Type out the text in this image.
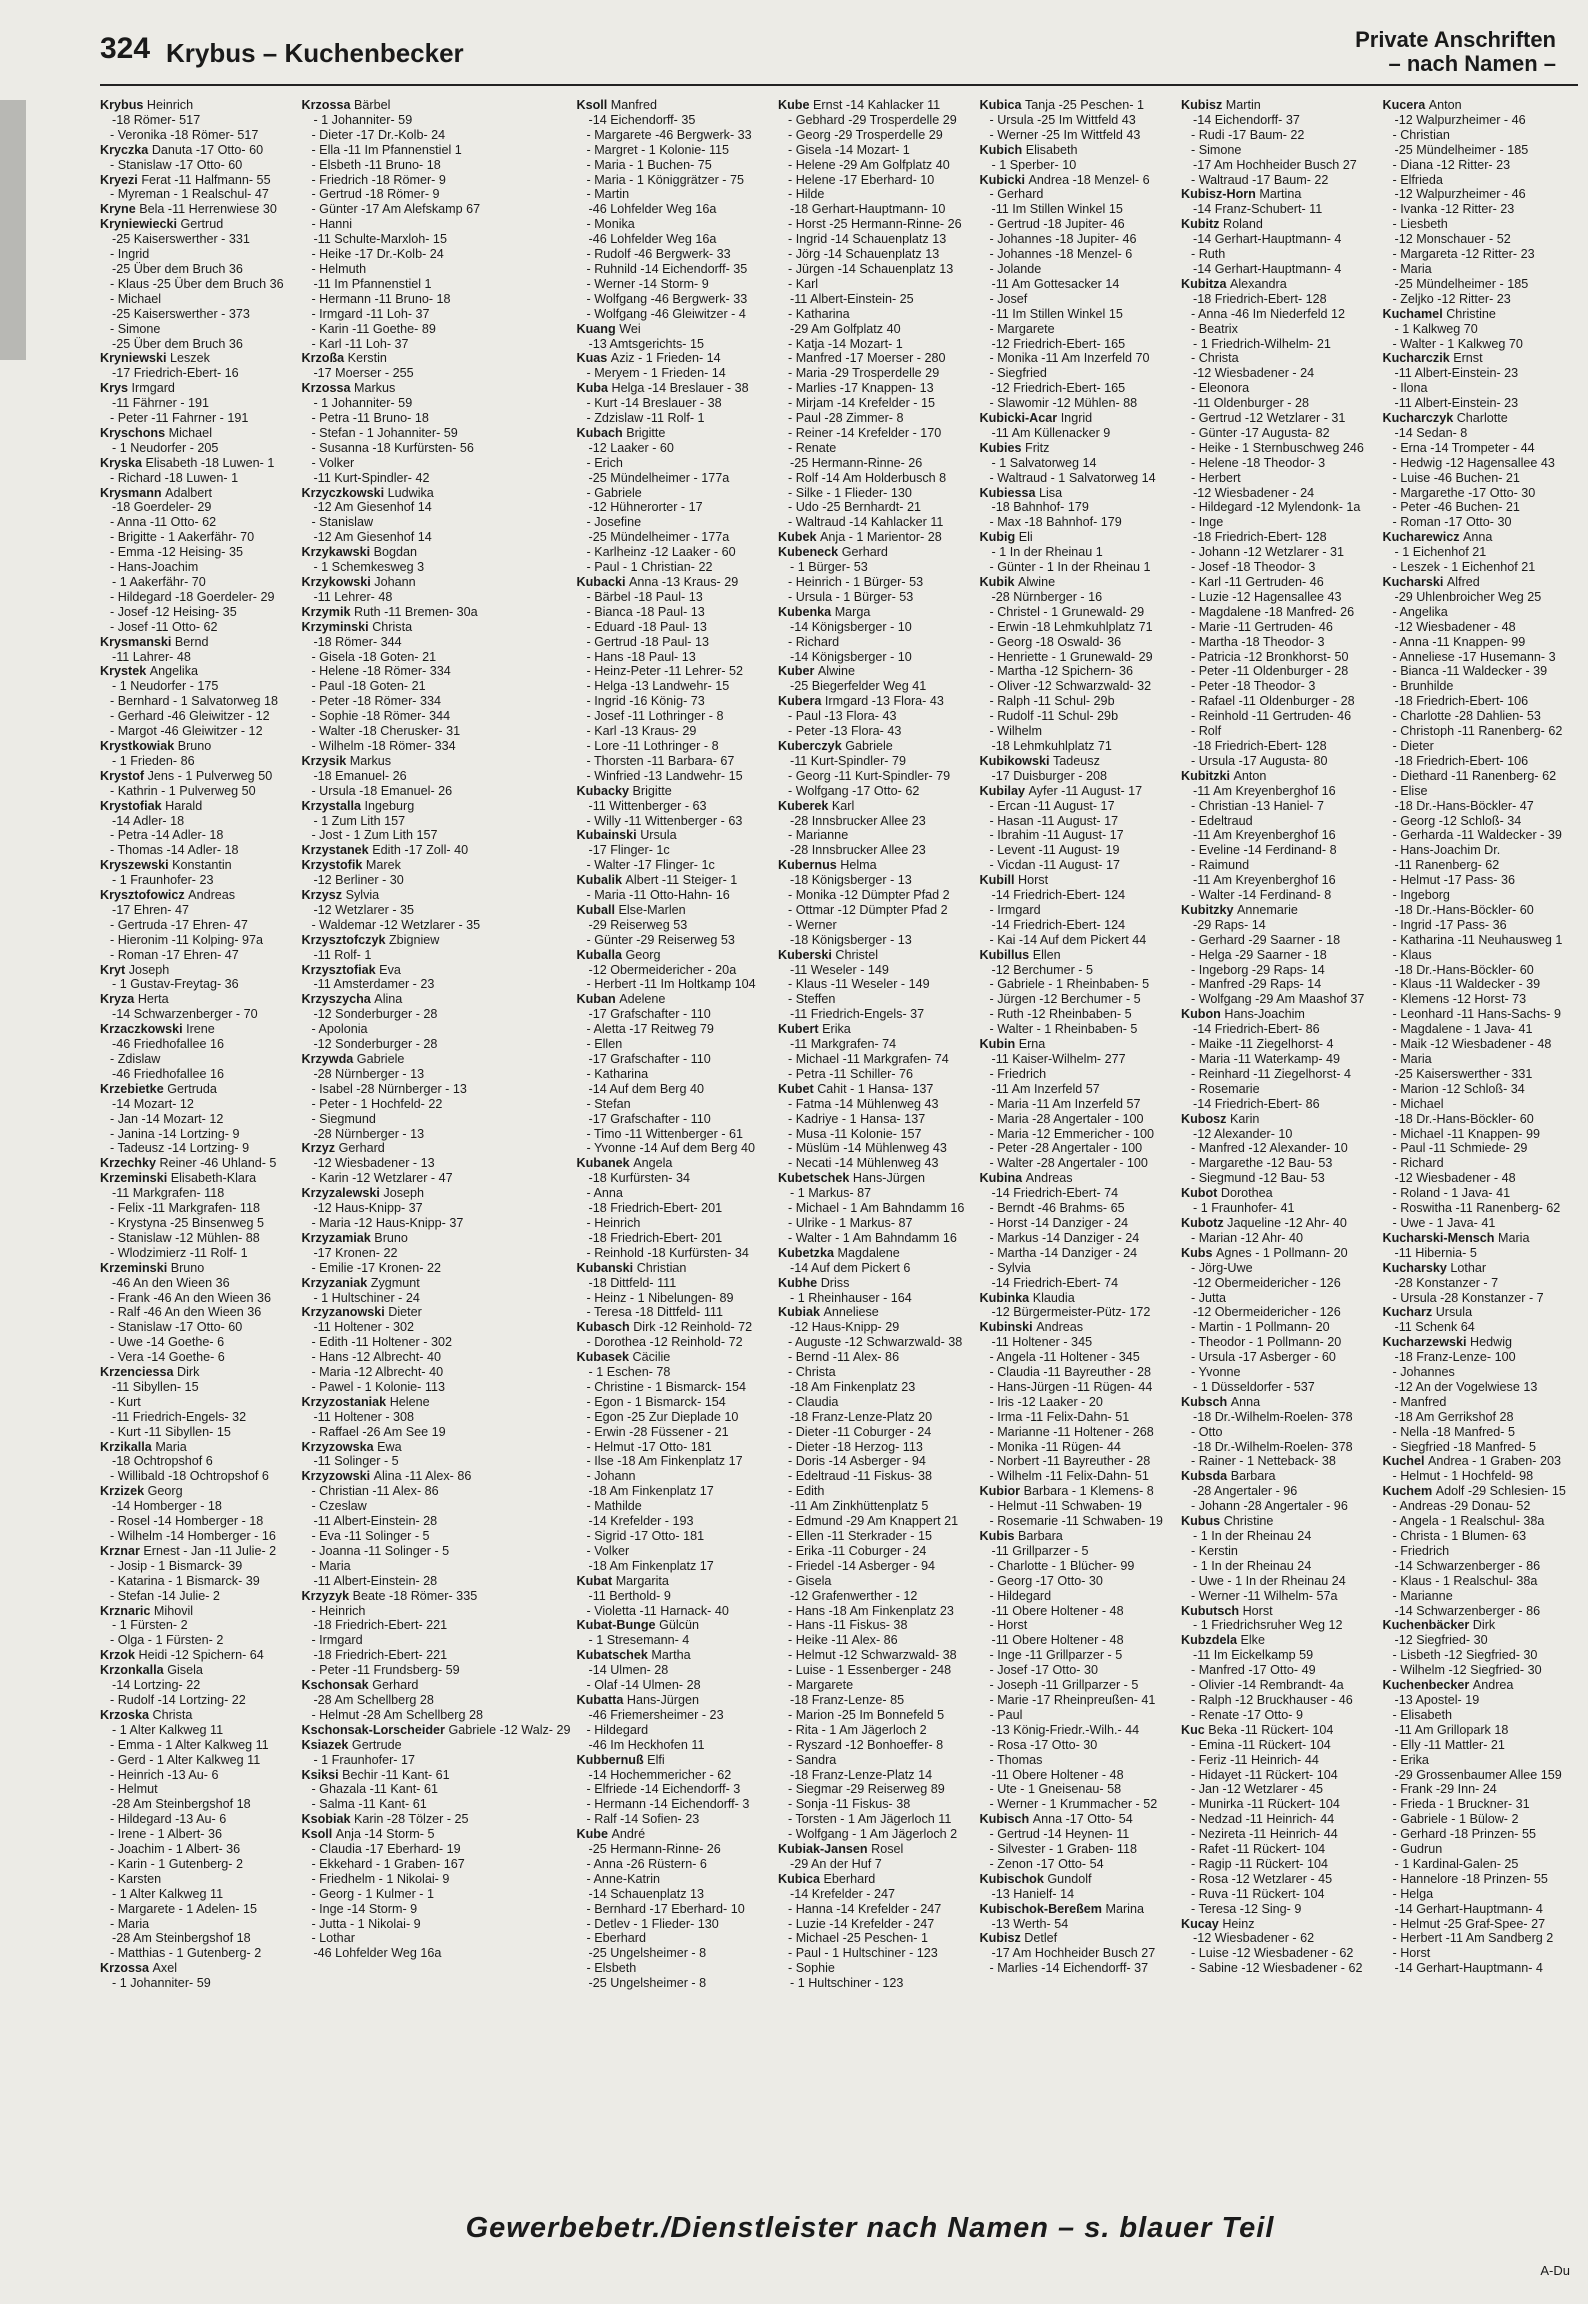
324 Krybus – Kuchenbecker	Private Anschriften
– nach Namen –
Krybus Heinrich
-18 Römer- 517
- Veronika -18 Römer- 517
Kryczka Danuta -17 Otto- 60
- Stanislaw -17 Otto- 60
Kryezi Ferat -11 Halfmann- 55
- Myreman - 1 Realschul- 47
Kryne Bela -11 Herrenwiese 30
Kryniewiecki Gertrud
-25 Kaiserswerther - 331
- Ingrid
-25 Über dem Bruch 36
- Klaus -25 Über dem Bruch 36
- Michael
-25 Kaiserswerther - 373
- Simone
-25 Über dem Bruch 36
Kryniewski Leszek
-17 Friedrich-Ebert- 16
Krys Irmgard
-11 Fährner - 191
- Peter -11 Fahrner - 191
Kryschons Michael
- 1 Neudorfer - 205
Kryska Elisabeth -18 Luwen- 1
- Richard -18 Luwen- 1
Krysmann Adalbert
-18 Goerdeler- 29
- Anna -11 Otto- 62
- Brigitte - 1 Aakerfähr- 70
- Emma -12 Heising- 35
- Hans-Joachim
- 1 Aakerfähr- 70
- Hildegard -18 Goerdeler- 29
- Josef -12 Heising- 35
- Josef -11 Otto- 62
Krysmanski Bernd
-11 Lahrer- 48
Krystek Angelika
- 1 Neudorfer - 175
- Bernhard - 1 Salvatorweg 18
- Gerhard -46 Gleiwitzer - 12
- Margot -46 Gleiwitzer - 12
Krystkowiak Bruno
- 1 Frieden- 86
Krystof Jens - 1 Pulverweg 50
- Kathrin - 1 Pulverweg 50
Krystofiak Harald
-14 Adler- 18
- Petra -14 Adler- 18
- Thomas -14 Adler- 18
Kryszewski Konstantin
- 1 Fraunhofer- 23
Krysztofowicz Andreas
-17 Ehren- 47
- Gertruda -17 Ehren- 47
- Hieronim -11 Kolping- 97a
- Roman -17 Ehren- 47
Kryt Joseph
- 1 Gustav-Freytag- 36
Kryza Herta
-14 Schwarzenberger - 70
Krzaczkowski Irene
-46 Friedhofallee 16
- Zdislaw
-46 Friedhofallee 16
Krzebietke Gertruda
-14 Mozart- 12
- Jan -14 Mozart- 12
- Janina -14 Lortzing- 9
- Tadeusz -14 Lortzing- 9
Krzechky Reiner -46 Uhland- 5
Krzeminski Elisabeth-Klara
-11 Markgrafen- 118
- Felix -11 Markgrafen- 118
- Krystyna -25 Binsenweg 5
- Stanislaw -12 Mühlen- 88
- Wlodzimierz -11 Rolf- 1
Krzeminski Bruno
-46 An den Wieen 36
- Frank -46 An den Wieen 36
- Ralf -46 An den Wieen 36
- Stanislaw -17 Otto- 60
- Uwe -14 Goethe- 6
- Vera -14 Goethe- 6
Krzenciessa Dirk
-11 Sibyllen- 15
- Kurt
-11 Friedrich-Engels- 32
- Kurt -11 Sibyllen- 15
Krzikalla Maria
-18 Ochtropshof 6
- Willibald -18 Ochtropshof 6
Krzizek Georg
-14 Homberger - 18
- Rosel -14 Homberger - 18
- Wilhelm -14 Homberger - 16
Krznar Ernest - Jan -11 Julie- 2
- Josip - 1 Bismarck- 39
- Katarina - 1 Bismarck- 39
- Stefan -14 Julie- 2
Krznaric Mihovil
- 1 Fürsten- 2
- Olga - 1 Fürsten- 2
Krzok Heidi -12 Spichern- 64
Krzonkalla Gisela
-14 Lortzing- 22
- Rudolf -14 Lortzing- 22
Krzoska Christa
- 1 Alter Kalkweg 11
- Emma - 1 Alter Kalkweg 11
- Gerd - 1 Alter Kalkweg 11
- Heinrich -13 Au- 6
- Helmut
-28 Am Steinbergshof 18
- Hildegard -13 Au- 6
- Irene - 1 Albert- 36
- Joachim - 1 Albert- 36
- Karin - 1 Gutenberg- 2
- Karsten
- 1 Alter Kalkweg 11
- Margarete - 1 Adelen- 15
- Maria
-28 Am Steinbergshof 18
- Matthias - 1 Gutenberg- 2
Krzossa Axel
- 1 Johanniter- 59
Krzossa Bärbel
- 1 Johanniter- 59
- Dieter -17 Dr.-Kolb- 24
- Ella -11 Im Pfannenstiel 1
- Elsbeth -11 Bruno- 18
- Friedrich -18 Römer- 9
- Gertrud -18 Römer- 9
- Günter -17 Am Alefskamp 67
- Hanni
-11 Schulte-Marxloh- 15
- Heike -17 Dr.-Kolb- 24
- Helmuth
-11 Im Pfannenstiel 1
- Hermann -11 Bruno- 18
- Irmgard -11 Loh- 37
- Karin -11 Goethe- 89
- Karl -11 Loh- 37
Krzoßa Kerstin
-17 Moerser - 255
Krzossa Markus
- 1 Johanniter- 59
- Petra -11 Bruno- 18
- Stefan - 1 Johanniter- 59
- Susanna -18 Kurfürsten- 56
- Volker
-11 Kurt-Spindler- 42
Krzyczkowski Ludwika
-12 Am Giesenhof 14
- Stanislaw
-12 Am Giesenhof 14
Krzykawski Bogdan
- 1 Schemkesweg 3
Krzykowski Johann
-11 Lehrer- 48
Krzymik Ruth -11 Bremen- 30a
Krzyminski Christa
-18 Römer- 344
- Gisela -18 Goten- 21
- Helene -18 Römer- 334
- Paul -18 Goten- 21
- Peter -18 Römer- 334
- Sophie -18 Römer- 344
- Walter -18 Cherusker- 31
- Wilhelm -18 Römer- 334
Krzysik Markus
-18 Emanuel- 26
- Ursula -18 Emanuel- 26
Krzystalla Ingeburg
- 1 Zum Lith 157
- Jost - 1 Zum Lith 157
Krzystanek Edith -17 Zoll- 40
Krzystofik Marek
-12 Berliner - 30
Krzysz Sylvia
-12 Wetzlarer - 35
- Waldemar -12 Wetzlarer - 35
Krzysztofczyk Zbigniew
-11 Rolf- 1
Krzysztofiak Eva
-11 Amsterdamer - 23
Krzyszycha Alina
-12 Sonderburger - 28
- Apolonia
-12 Sonderburger - 28
Krzywda Gabriele
-28 Nürnberger - 13
- Isabel -28 Nürnberger - 13
- Peter - 1 Hochfeld- 22
- Siegmund
-28 Nürnberger - 13
Krzyz Gerhard
-12 Wiesbadener - 13
- Karin -12 Wetzlarer - 47
Krzyzalewski Joseph
-12 Haus-Knipp- 37
- Maria -12 Haus-Knipp- 37
Krzyzamiak Bruno
-17 Kronen- 22
- Emilie -17 Kronen- 22
Krzyzaniak Zygmunt
- 1 Hultschiner - 24
Krzyzanowski Dieter
-11 Holtener - 302
- Edith -11 Holtener - 302
- Hans -12 Albrecht- 40
- Maria -12 Albrecht- 40
- Pawel - 1 Kolonie- 113
Krzyzostaniak Helene
-11 Holtener - 308
- Raffael -26 Am See 19
Krzyzowska Ewa
-11 Solinger - 5
Krzyzowski Alina -11 Alex- 86
- Christian -11 Alex- 86
- Czeslaw
-11 Albert-Einstein- 28
- Eva -11 Solinger - 5
- Joanna -11 Solinger - 5
- Maria
-11 Albert-Einstein- 28
Krzyzyk Beate -18 Römer- 335
- Heinrich
-18 Friedrich-Ebert- 221
- Irmgard
-18 Friedrich-Ebert- 221
- Peter -11 Frundsberg- 59
Kschonsak Gerhard
-28 Am Schellberg 28
- Helmut -28 Am Schellberg 28
Kschonsak-Lorscheider Gabriele -12 Walz- 29
Ksiazek Gertrude
- 1 Fraunhofer- 17
Ksiksi Bechir -11 Kant- 61
- Ghazala -11 Kant- 61
- Salma -11 Kant- 61
Ksobiak Karin -28 Tölzer - 25
Ksoll Anja -14 Storm- 5
- Claudia -17 Eberhard- 19
- Ekkehard - 1 Graben- 167
- Friedhelm - 1 Nikolai- 9
- Georg - 1 Kulmer - 1
- Inge -14 Storm- 9
- Jutta - 1 Nikolai- 9
- Lothar
-46 Lohfelder Weg 16a
Ksoll Manfred
-14 Eichendorff- 35
- Margarete -46 Bergwerk- 33
- Margret - 1 Kolonie- 115
- Maria - 1 Buchen- 75
- Maria - 1 Königgrätzer - 75
- Martin
-46 Lohfelder Weg 16a
- Monika
-46 Lohfelder Weg 16a
- Rudolf -46 Bergwerk- 33
- Ruhnild -14 Eichendorff- 35
- Werner -14 Storm- 9
- Wolfgang -46 Bergwerk- 33
- Wolfgang -46 Gleiwitzer - 4
Kuang Wei
-13 Amtsgerichts- 15
Kuas Aziz - 1 Frieden- 14
- Meryem - 1 Frieden- 14
Kuba Helga -14 Breslauer - 38
- Kurt -14 Breslauer - 38
- Zdzislaw -11 Rolf- 1
Kubach Brigitte
-12 Laaker - 60
- Erich
-25 Mündelheimer - 177a
- Gabriele
-12 Hühnerorter - 17
- Josefine
-25 Mündelheimer - 177a
- Karlheinz -12 Laaker - 60
- Paul - 1 Christian- 22
Kubacki Anna -13 Kraus- 29
- Bärbel -18 Paul- 13
- Bianca -18 Paul- 13
- Eduard -18 Paul- 13
- Gertrud -18 Paul- 13
- Hans -18 Paul- 13
- Heinz-Peter -11 Lehrer- 52
- Helga -13 Landwehr- 15
- Ingrid -16 König- 73
- Josef -11 Lothringer - 8
- Karl -13 Kraus- 29
- Lore -11 Lothringer - 8
- Thorsten -11 Barbara- 67
- Winfried -13 Landwehr- 15
Kubacky Brigitte
-11 Wittenberger - 63
- Willy -11 Wittenberger - 63
Kubainski Ursula
-17 Flinger- 1c
- Walter -17 Flinger- 1c
Kubalik Albert -11 Steiger- 1
- Maria -11 Otto-Hahn- 16
Kuball Else-Marlen
-29 Reiserweg 53
- Günter -29 Reiserweg 53
Kuballa Georg
-12 Obermeidericher - 20a
- Herbert -11 Im Holtkamp 104
Kuban Adelene
-17 Grafschafter - 110
- Aletta -17 Reitweg 79
- Ellen
-17 Grafschafter - 110
- Katharina
-14 Auf dem Berg 40
- Stefan
-17 Grafschafter - 110
- Timo -11 Wittenberger - 61
- Yvonne -14 Auf dem Berg 40
Kubanek Angela
-18 Kurfürsten- 34
- Anna
-18 Friedrich-Ebert- 201
- Heinrich
-18 Friedrich-Ebert- 201
- Reinhold -18 Kurfürsten- 34
Kubanski Christian
-18 Dittfeld- 111
- Heinz - 1 Nibelungen- 89
- Teresa -18 Dittfeld- 111
Kubasch Dirk -12 Reinhold- 72
- Dorothea -12 Reinhold- 72
Kubasek Cäcilie
- 1 Eschen- 78
- Christine - 1 Bismarck- 154
- Egon - 1 Bismarck- 154
- Egon -25 Zur Dieplade 10
- Erwin -28 Füssener - 21
- Helmut -17 Otto- 181
- Ilse -18 Am Finkenplatz 17
- Johann
-18 Am Finkenplatz 17
- Mathilde
-14 Krefelder - 193
- Sigrid -17 Otto- 181
- Volker
-18 Am Finkenplatz 17
Kubat Margarita
-11 Berthold- 9
- Violetta -11 Harnack- 40
Kubat-Bunge Gülcün
- 1 Stresemann- 4
Kubatschek Martha
-14 Ulmen- 28
- Olaf -14 Ulmen- 28
Kubatta Hans-Jürgen
-46 Friemersheimer - 23
- Hildegard
-46 Im Heckhofen 11
Kubbernuß Elfi
-14 Hochemmericher - 62
- Elfriede -14 Eichendorff- 3
- Hermann -14 Eichendorff- 3
- Ralf -14 Sofien- 23
Kube André
-25 Hermann-Rinne- 26
- Anna -26 Rüstern- 6
- Anne-Katrin
-14 Schauenplatz 13
- Bernhard -17 Eberhard- 10
- Detlev - 1 Flieder- 130
- Eberhard
-25 Ungelsheimer - 8
- Elsbeth
-25 Ungelsheimer - 8
Kube Ernst -14 Kahlacker 11
- Gebhard -29 Trosperdelle 29
- Georg -29 Trosperdelle 29
- Gisela -14 Mozart- 1
- Helene -29 Am Golfplatz 40
- Helene -17 Eberhard- 10
- Hilde
-18 Gerhart-Hauptmann- 10
- Horst -25 Hermann-Rinne- 26
- Ingrid -14 Schauenplatz 13
- Jörg -14 Schauenplatz 13
- Jürgen -14 Schauenplatz 13
- Karl
-11 Albert-Einstein- 25
- Katharina
-29 Am Golfplatz 40
- Katja -14 Mozart- 1
- Manfred -17 Moerser - 280
- Maria -29 Trosperdelle 29
- Marlies -17 Knappen- 13
- Mirjam -14 Krefelder - 15
- Paul -28 Zimmer- 8
- Reiner -14 Krefelder - 170
- Renate
-25 Hermann-Rinne- 26
- Rolf -14 Am Holderbusch 8
- Silke - 1 Flieder- 130
- Udo -25 Bernhardt- 21
- Waltraud -14 Kahlacker 11
Kubek Anja - 1 Marientor- 28
Kubeneck Gerhard
- 1 Bürger- 53
- Heinrich - 1 Bürger- 53
- Ursula - 1 Bürger- 53
Kubenka Marga
-14 Königsberger - 10
- Richard
-14 Königsberger - 10
Kuber Alwine
-25 Biegerfelder Weg 41
Kubera Irmgard -13 Flora- 43
- Paul -13 Flora- 43
- Peter -13 Flora- 43
Kuberczyk Gabriele
-11 Kurt-Spindler- 79
- Georg -11 Kurt-Spindler- 79
- Wolfgang -17 Otto- 62
Kuberek Karl
-28 Innsbrucker Allee 23
- Marianne
-28 Innsbrucker Allee 23
Kubernus Helma
-18 Königsberger - 13
- Monika -12 Dümpter Pfad 2
- Ottmar -12 Dümpter Pfad 2
- Werner
-18 Königsberger - 13
Kuberski Christel
-11 Weseler - 149
- Klaus -11 Weseler - 149
- Steffen
-11 Friedrich-Engels- 37
Kubert Erika
-11 Markgrafen- 74
- Michael -11 Markgrafen- 74
- Petra -11 Schiller- 76
Kubet Cahit - 1 Hansa- 137
- Fatma -14 Mühlenweg 43
- Kadriye - 1 Hansa- 137
- Musa -11 Kolonie- 157
- Müslüm -14 Mühlenweg 43
- Necati -14 Mühlenweg 43
Kubetschek Hans-Jürgen
- 1 Markus- 87
- Michael - 1 Am Bahndamm 16
- Ulrike - 1 Markus- 87
- Walter - 1 Am Bahndamm 16
Kubetzka Magdalene
-14 Auf dem Pickert 6
Kubhe Driss
- 1 Rheinhauser - 164
Kubiak Anneliese
-12 Haus-Knipp- 29
- Auguste -12 Schwarzwald- 38
- Bernd -11 Alex- 86
- Christa
-18 Am Finkenplatz 23
- Claudia
-18 Franz-Lenze-Platz 20
- Dieter -11 Coburger - 24
- Dieter -18 Herzog- 113
- Doris -14 Asberger - 94
- Edeltraud -11 Fiskus- 38
- Edith
-11 Am Zinkhüttenplatz 5
- Edmund -29 Am Knappert 21
- Ellen -11 Sterkrader - 15
- Erika -11 Coburger - 24
- Friedel -14 Asberger - 94
- Gisela
-12 Grafenwerther - 12
- Hans -18 Am Finkenplatz 23
- Hans -11 Fiskus- 38
- Heike -11 Alex- 86
- Helmut -12 Schwarzwald- 38
- Luise - 1 Essenberger - 248
- Margarete
-18 Franz-Lenze- 85
- Marion -25 Im Bonnefeld 5
- Rita - 1 Am Jägerloch 2
- Ryszard -12 Bonhoeffer- 8
- Sandra
-18 Franz-Lenze-Platz 14
- Siegmar -29 Reiserweg 89
- Sonja -11 Fiskus- 38
- Torsten - 1 Am Jägerloch 11
- Wolfgang - 1 Am Jägerloch 2
Kubiak-Jansen Rosel
-29 An der Huf 7
Kubica Eberhard
-14 Krefelder - 247
- Hanna -14 Krefelder - 247
- Luzie -14 Krefelder - 247
- Michael -25 Peschen- 1
- Paul - 1 Hultschiner - 123
- Sophie
- 1 Hultschiner - 123
Kubica Tanja -25 Peschen- 1
- Ursula -25 Im Wittfeld 43
- Werner -25 Im Wittfeld 43
Kubich Elisabeth
- 1 Sperber- 10
Kubicki Andrea -18 Menzel- 6
- Gerhard
-11 Im Stillen Winkel 15
- Gertrud -18 Jupiter- 46
- Johannes -18 Jupiter- 46
- Johannes -18 Menzel- 6
- Jolande
-11 Am Gottesacker 14
- Josef
-11 Im Stillen Winkel 15
- Margarete
-12 Friedrich-Ebert- 165
- Monika -11 Am Inzerfeld 70
- Siegfried
-12 Friedrich-Ebert- 165
- Slawomir -12 Mühlen- 88
Kubicki-Acar Ingrid
-11 Am Küllenacker 9
Kubies Fritz
- 1 Salvatorweg 14
- Waltraud - 1 Salvatorweg 14
Kubiessa Lisa
-18 Bahnhof- 179
- Max -18 Bahnhof- 179
Kubig Eli
- 1 In der Rheinau 1
- Günter - 1 In der Rheinau 1
Kubik Alwine
-28 Nürnberger - 16
- Christel - 1 Grunewald- 29
- Erwin -18 Lehmkuhlplatz 71
- Georg -18 Oswald- 36
- Henriette - 1 Grunewald- 29
- Martha -12 Spichern- 36
- Oliver -12 Schwarzwald- 32
- Ralph -11 Schul- 29b
- Rudolf -11 Schul- 29b
- Wilhelm
-18 Lehmkuhlplatz 71
Kubikowski Tadeusz
-17 Duisburger - 208
Kubilay Ayfer -11 August- 17
- Ercan -11 August- 17
- Hasan -11 August- 17
- Ibrahim -11 August- 17
- Levent -11 August- 19
- Vicdan -11 August- 17
Kubill Horst
-14 Friedrich-Ebert- 124
- Irmgard
-14 Friedrich-Ebert- 124
- Kai -14 Auf dem Pickert 44
Kubillus Ellen
-12 Berchumer - 5
- Gabriele - 1 Rheinbaben- 5
- Jürgen -12 Berchumer - 5
- Ruth -12 Rheinbaben- 5
- Walter - 1 Rheinbaben- 5
Kubin Erna
-11 Kaiser-Wilhelm- 277
- Friedrich
-11 Am Inzerfeld 57
- Maria -11 Am Inzerfeld 57
- Maria -28 Angertaler - 100
- Maria -12 Emmericher - 100
- Peter -28 Angertaler - 100
- Walter -28 Angertaler - 100
Kubina Andreas
-14 Friedrich-Ebert- 74
- Berndt -46 Brahms- 65
- Horst -14 Danziger - 24
- Markus -14 Danziger - 24
- Martha -14 Danziger - 24
- Sylvia
-14 Friedrich-Ebert- 74
Kubinka Klaudia
-12 Bürgermeister-Pütz- 172
Kubinski Andreas
-11 Holtener - 345
- Angela -11 Holtener - 345
- Claudia -11 Bayreuther - 28
- Hans-Jürgen -11 Rügen- 44
- Iris -12 Laaker - 20
- Irma -11 Felix-Dahn- 51
- Marianne -11 Holtener - 268
- Monika -11 Rügen- 44
- Norbert -11 Bayreuther - 28
- Wilhelm -11 Felix-Dahn- 51
Kubior Barbara - 1 Klemens- 8
- Helmut -11 Schwaben- 19
- Rosemarie -11 Schwaben- 19
Kubis Barbara
-11 Grillparzer - 5
- Charlotte - 1 Blücher- 99
- Georg -17 Otto- 30
- Hildegard
-11 Obere Holtener - 48
- Horst
-11 Obere Holtener - 48
- Inge -11 Grillparzer - 5
- Josef -17 Otto- 30
- Joseph -11 Grillparzer - 5
- Marie -17 Rheinpreußen- 41
- Paul
-13 König-Friedr.-Wilh.- 44
- Rosa -17 Otto- 30
- Thomas
-11 Obere Holtener - 48
- Ute - 1 Gneisenau- 58
- Werner - 1 Krummacher - 52
Kubisch Anna -17 Otto- 54
- Gertrud -14 Heynen- 11
- Silvester - 1 Graben- 118
- Zenon -17 Otto- 54
Kubischok Gundolf
-13 Hanielf- 14
Kubischok-Bereßem Marina
-13 Werth- 54
Kubisz Detlef
-17 Am Hochheider Busch 27
- Marlies -14 Eichendorff- 37
Kubisz Martin
-14 Eichendorff- 37
- Rudi -17 Baum- 22
- Simone
-17 Am Hochheider Busch 27
- Waltraud -17 Baum- 22
Kubisz-Horn Martina
-14 Franz-Schubert- 11
Kubitz Roland
-14 Gerhart-Hauptmann- 4
- Ruth
-14 Gerhart-Hauptmann- 4
Kubitza Alexandra
-18 Friedrich-Ebert- 128
- Anna -46 Im Niederfeld 12
- Beatrix
- 1 Friedrich-Wilhelm- 21
- Christa
-12 Wiesbadener - 24
- Eleonora
-11 Oldenburger - 28
- Gertrud -12 Wetzlarer - 31
- Günter -17 Augusta- 82
- Heike - 1 Sternbuschweg 246
- Helene -18 Theodor- 3
- Herbert
-12 Wiesbadener - 24
- Hildegard -12 Mylendonk- 1a
- Inge
-18 Friedrich-Ebert- 128
- Johann -12 Wetzlarer - 31
- Josef -18 Theodor- 3
- Karl -11 Gertruden- 46
- Luzie -12 Hagensallee 43
- Magdalene -18 Manfred- 26
- Marie -11 Gertruden- 46
- Martha -18 Theodor- 3
- Patricia -12 Bronkhorst- 50
- Peter -11 Oldenburger - 28
- Peter -18 Theodor- 3
- Rafael -11 Oldenburger - 28
- Reinhold -11 Gertruden- 46
- Rolf
-18 Friedrich-Ebert- 128
- Ursula -17 Augusta- 80
Kubitzki Anton
-11 Am Kreyenberghof 16
- Christian -13 Haniel- 7
- Edeltraud
-11 Am Kreyenberghof 16
- Eveline -14 Ferdinand- 8
- Raimund
-11 Am Kreyenberghof 16
- Walter -14 Ferdinand- 8
Kubitzky Annemarie
-29 Raps- 14
- Gerhard -29 Saarner - 18
- Helga -29 Saarner - 18
- Ingeborg -29 Raps- 14
- Manfred -29 Raps- 14
- Wolfgang -29 Am Maashof 37
Kubon Hans-Joachim
-14 Friedrich-Ebert- 86
- Maike -11 Ziegelhorst- 4
- Maria -11 Waterkamp- 49
- Reinhard -11 Ziegelhorst- 4
- Rosemarie
-14 Friedrich-Ebert- 86
Kubosz Karin
-12 Alexander- 10
- Manfred -12 Alexander- 10
- Margarethe -12 Bau- 53
- Siegmund -12 Bau- 53
Kubot Dorothea
- 1 Fraunhofer- 41
Kubotz Jaqueline -12 Ahr- 40
- Marian -12 Ahr- 40
Kubs Agnes - 1 Pollmann- 20
- Jörg-Uwe
-12 Obermeidericher - 126
- Jutta
-12 Obermeidericher - 126
- Martin - 1 Pollmann- 20
- Theodor - 1 Pollmann- 20
- Ursula -17 Asberger - 60
- Yvonne
- 1 Düsseldorfer - 537
Kubsch Anna
-18 Dr.-Wilhelm-Roelen- 378
- Otto
-18 Dr.-Wilhelm-Roelen- 378
- Rainer - 1 Netteback- 38
Kubsda Barbara
-28 Angertaler - 96
- Johann -28 Angertaler - 96
Kubus Christine
- 1 In der Rheinau 24
- Kerstin
- 1 In der Rheinau 24
- Uwe - 1 In der Rheinau 24
- Werner -11 Wilhelm- 57a
Kubutsch Horst
- 1 Friedrichsruher Weg 12
Kubzdela Elke
-11 Im Eickelkamp 59
- Manfred -17 Otto- 49
- Olivier -14 Rembrandt- 4a
- Ralph -12 Bruckhauser - 46
- Renate -17 Otto- 9
Kuc Beka -11 Rückert- 104
- Emina -11 Rückert- 104
- Feriz -11 Heinrich- 44
- Hidayet -11 Rückert- 104
- Jan -12 Wetzlarer - 45
- Munirka -11 Rückert- 104
- Nedzad -11 Heinrich- 44
- Nezireta -11 Heinrich- 44
- Rafet -11 Rückert- 104
- Ragip -11 Rückert- 104
- Rosa -12 Wetzlarer - 45
- Ruva -11 Rückert- 104
- Teresa -12 Sing- 9
Kucay Heinz
-12 Wiesbadener - 62
- Luise -12 Wiesbadener - 62
- Sabine -12 Wiesbadener - 62
Kucera Anton
-12 Walpurzheimer - 46
- Christian
-25 Mündelheimer - 185
- Diana -12 Ritter- 23
- Elfrieda
-12 Walpurzheimer - 46
- Ivanka -12 Ritter- 23
- Liesbeth
-12 Monschauer - 52
- Margareta -12 Ritter- 23
- Maria
-25 Mündelheimer - 185
- Zeljko -12 Ritter- 23
Kuchamel Christine
- 1 Kalkweg 70
- Walter - 1 Kalkweg 70
Kucharczik Ernst
-11 Albert-Einstein- 23
- Ilona
-11 Albert-Einstein- 23
Kucharczyk Charlotte
-14 Sedan- 8
- Erna -14 Trompeter - 44
- Hedwig -12 Hagensallee 43
- Luise -46 Buchen- 21
- Margarethe -17 Otto- 30
- Peter -46 Buchen- 21
- Roman -17 Otto- 30
Kucharewicz Anna
- 1 Eichenhof 21
- Leszek - 1 Eichenhof 21
Kucharski Alfred
-29 Uhlenbroicher Weg 25
- Angelika
-12 Wiesbadener - 48
- Anna -11 Knappen- 99
- Anneliese -17 Husemann- 3
- Bianca -11 Waldecker - 39
- Brunhilde
-18 Friedrich-Ebert- 106
- Charlotte -28 Dahlien- 53
- Christoph -11 Ranenberg- 62
- Dieter
-18 Friedrich-Ebert- 106
- Diethard -11 Ranenberg- 62
- Elise
-18 Dr.-Hans-Böckler- 47
- Georg -12 Schloß- 34
- Gerharda -11 Waldecker - 39
- Hans-Joachim Dr.
-11 Ranenberg- 62
- Helmut -17 Pass- 36
- Ingeborg
-18 Dr.-Hans-Böckler- 60
- Ingrid -17 Pass- 36
- Katharina -11 Neuhausweg 1
- Klaus
-18 Dr.-Hans-Böckler- 60
- Klaus -11 Waldecker - 39
- Klemens -12 Horst- 73
- Leonhard -11 Hans-Sachs- 9
- Magdalene - 1 Java- 41
- Maik -12 Wiesbadener - 48
- Maria
-25 Kaiserswerther - 331
- Marion -12 Schloß- 34
- Michael
-18 Dr.-Hans-Böckler- 60
- Michael -11 Knappen- 99
- Paul -11 Schmiede- 29
- Richard
-12 Wiesbadener - 48
- Roland - 1 Java- 41
- Roswitha -11 Ranenberg- 62
- Uwe - 1 Java- 41
Kucharski-Mensch Maria
-11 Hibernia- 5
Kucharsky Lothar
-28 Konstanzer - 7
- Ursula -28 Konstanzer - 7
Kucharz Ursula
-11 Schenk 64
Kucharzewski Hedwig
-18 Franz-Lenze- 100
- Johannes
-12 An der Vogelwiese 13
- Manfred
-18 Am Gerrikshof 28
- Nella -18 Manfred- 5
- Siegfried -18 Manfred- 5
Kuchel Andrea - 1 Graben- 203
- Helmut - 1 Hochfeld- 98
Kuchem Adolf -29 Schlesien- 15
- Andreas -29 Donau- 52
- Angela - 1 Realschul- 38a
- Christa - 1 Blumen- 63
- Friedrich
-14 Schwarzenberger - 86
- Klaus - 1 Realschul- 38a
- Marianne
-14 Schwarzenberger - 86
Kuchenbäcker Dirk
-12 Siegfried- 30
- Lisbeth -12 Siegfried- 30
- Wilhelm -12 Siegfried- 30
Kuchenbecker Andrea
-13 Apostel- 19
- Elisabeth
-11 Am Grillopark 18
- Elly -11 Mattler- 21
- Erika
-29 Grossenbaumer Allee 159
- Frank -29 Inn- 24
- Frieda - 1 Bruckner- 31
- Gabriele - 1 Bülow- 2
- Gerhard -18 Prinzen- 55
- Gudrun
- 1 Kardinal-Galen- 25
- Hannelore -18 Prinzen- 55
- Helga
-14 Gerhart-Hauptmann- 4
- Helmut -25 Graf-Spee- 27
- Herbert -11 Am Sandberg 2
- Horst
-14 Gerhart-Hauptmann- 4
Gewerbebetr./Dienstleister nach Namen – s. blauer Teil
A-Du
